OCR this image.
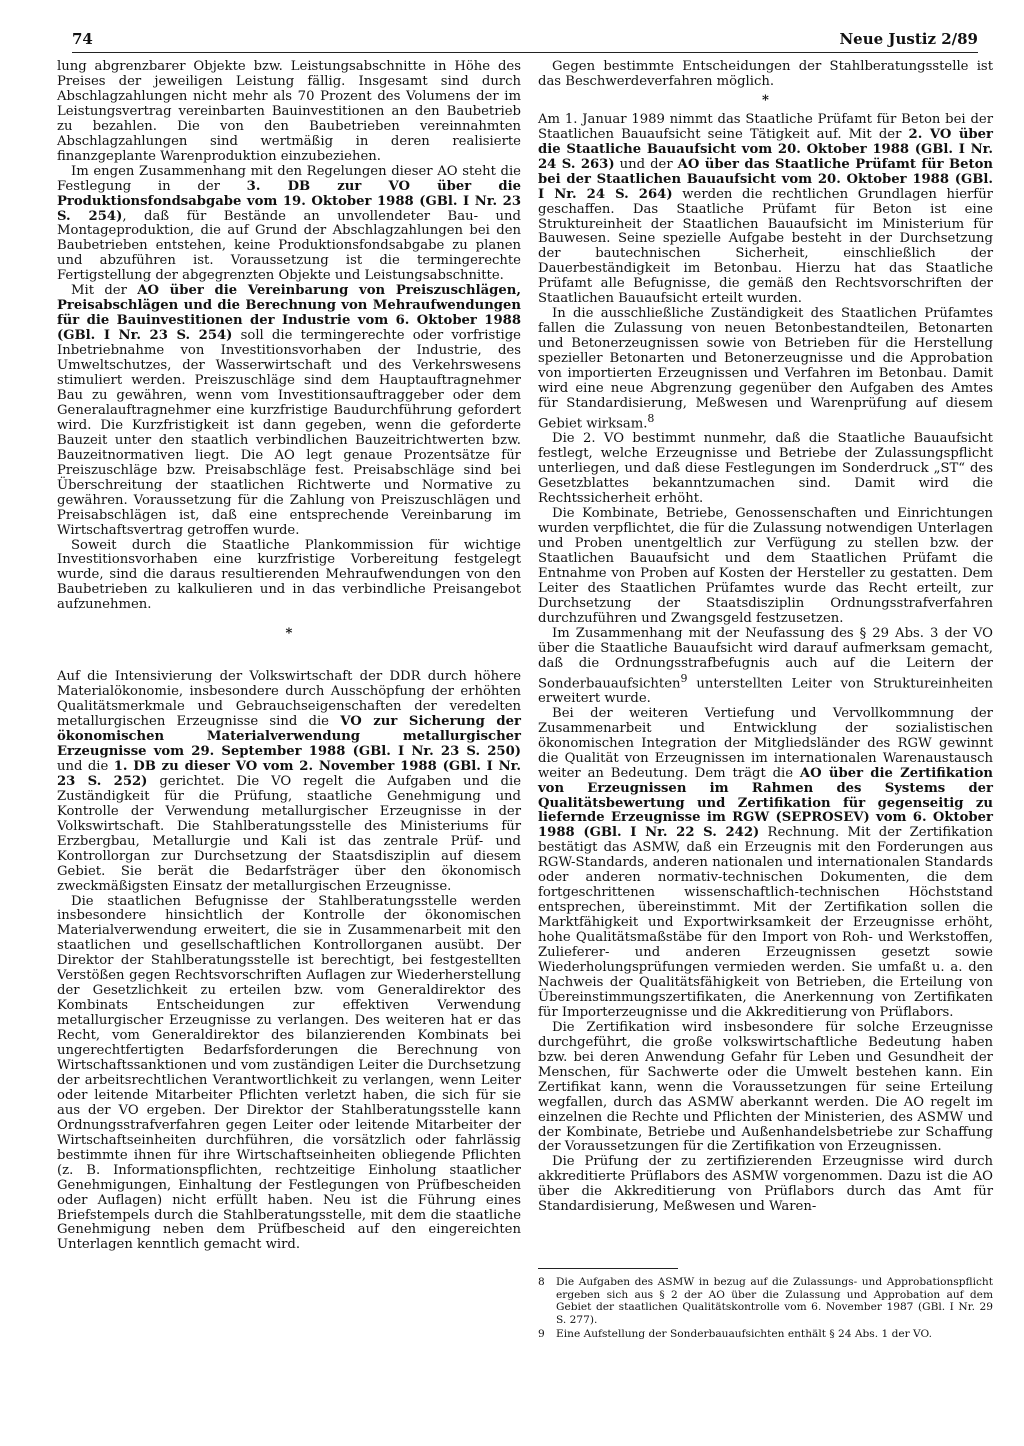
74	Neue Justiz 2/89

lung abgrenzbarer Objekte bzw. Leistungsabschnitte in Höhe des Preises der jeweiligen Leistung fällig. Insgesamt sind durch Abschlagzahlungen nicht mehr als 70 Prozent des Volumens der im Leistungsvertrag vereinbarten Bauinvestitionen an den Baubetrieb zu bezahlen. Die von den Baubetrieben vereinnahmten Abschlagzahlungen sind wertmäßig in deren realisierte finanzgeplante Warenproduktion einzubeziehen.

Im engen Zusammenhang mit den Regelungen dieser AO steht die Festlegung in der 3. DB zur VO über die Produktionsfondsabgabe vom 19. Oktober 1988 (GBl. I Nr. 23 S. 254), daß für Bestände an unvollendeter Bau- und Montageproduktion, die auf Grund der Abschlagzahlungen bei den Baubetrieben entstehen, keine Produktionsfondsabgabe zu planen und abzuführen ist. Voraussetzung ist die termingerechte Fertigstellung der abgegrenzten Objekte und Leistungsabschnitte.

Mit der AO über die Vereinbarung von Preiszuschlägen, Preisabschlägen und die Berechnung von Mehraufwendungen für die Bauinvestitionen der Industrie vom 6. Oktober 1988 (GBl. I Nr. 23 S. 254) soll die termingerechte oder vorfristige Inbetriebnahme von Investitionsvorhaben der Industrie, des Umweltschutzes, der Wasserwirtschaft und des Verkehrswesens stimuliert werden. Preiszuschläge sind dem Hauptauftragnehmer Bau zu gewähren, wenn vom Investitionsauftraggeber oder dem Generalauftragnehmer eine kurzfristige Baudurchführung gefordert wird. Die Kurzfristigkeit ist dann gegeben, wenn die geforderte Bauzeit unter den staatlich verbindlichen Bauzeitrichtwerten bzw. Bauzeitnormativen liegt. Die AO legt genaue Prozentsätze für Preiszuschläge bzw. Preisabschläge fest. Preisabschläge sind bei Überschreitung der staatlichen Richtwerte und Normative zu gewähren. Voraussetzung für die Zahlung von Preiszuschlägen und Preisabschlägen ist, daß eine entsprechende Vereinbarung im Wirtschaftsvertrag getroffen wurde.

Soweit durch die Staatliche Plankommission für wichtige Investitionsvorhaben eine kurzfristige Vorbereitung festgelegt wurde, sind die daraus resultierenden Mehraufwendungen von den Baubetrieben zu kalkulieren und in das verbindliche Preisangebot aufzunehmen.

*

Auf die Intensivierung der Volkswirtschaft der DDR durch höhere Materialökonomie, insbesondere durch Ausschöpfung der erhöhten Qualitätsmerkmale und Gebrauchseigenschaften der veredelten metallurgischen Erzeugnisse sind die VO zur Sicherung der ökonomischen Materialverwendung metallurgischer Erzeugnisse vom 29. September 1988 (GBl. I Nr. 23 S. 250) und die 1. DB zu dieser VO vom 2. November 1988 (GBl. I Nr. 23 S. 252) gerichtet. Die VO regelt die Aufgaben und die Zuständigkeit für die Prüfung, staatliche Genehmigung und Kontrolle der Verwendung metallurgischer Erzeugnisse in der Volkswirtschaft. Die Stahlberatungsstelle des Ministeriums für Erzbergbau, Metallurgie und Kali ist das zentrale Prüf- und Kontrollorgan zur Durchsetzung der Staatsdisziplin auf diesem Gebiet. Sie berät die Bedarfsträger über den ökonomisch zweckmäßigsten Einsatz der metallurgischen Erzeugnisse.

Die staatlichen Befugnisse der Stahlberatungsstelle werden insbesondere hinsichtlich der Kontrolle der ökonomischen Materialverwendung erweitert, die sie in Zusammenarbeit mit den staatlichen und gesellschaftlichen Kontrollorganen ausübt. Der Direktor der Stahlberatungsstelle ist berechtigt, bei festgestellten Verstößen gegen Rechtsvorschriften Auflagen zur Wiederherstellung der Gesetzlichkeit zu erteilen bzw. vom Generaldirektor des Kombinats Entscheidungen zur effektiven Verwendung metallurgischer Erzeugnisse zu verlangen. Des weiteren hat er das Recht, vom Generaldirektor des bilanzierenden Kombinats bei ungerechtfertigten Bedarfsforderungen die Berechnung von Wirtschaftssanktionen und vom zuständigen Leiter die Durchsetzung der arbeitsrechtlichen Verantwortlichkeit zu verlangen, wenn Leiter oder leitende Mitarbeiter Pflichten verletzt haben, die sich für sie aus der VO ergeben. Der Direktor der Stahlberatungsstelle kann Ordnungsstrafverfahren gegen Leiter oder leitende Mitarbeiter der Wirtschaftseinheiten durchführen, die vorsätzlich oder fahrlässig bestimmte ihnen für ihre Wirtschaftseinheiten obliegende Pflichten (z. B. Informationspflichten, rechtzeitige Einholung staatlicher Genehmigungen, Einhaltung der Festlegungen von Prüfbescheiden oder Auflagen) nicht erfüllt haben. Neu ist die Führung eines Briefstempels durch die Stahlberatungsstelle, mit dem die staatliche Genehmigung neben dem Prüfbescheid auf den eingereichten Unterlagen kenntlich gemacht wird.

Gegen bestimmte Entscheidungen der Stahlberatungsstelle ist das Beschwerdeverfahren möglich.

*

Am 1. Januar 1989 nimmt das Staatliche Prüfamt für Beton bei der Staatlichen Bauaufsicht seine Tätigkeit auf. Mit der 2. VO über die Staatliche Bauaufsicht vom 20. Oktober 1988 (GBl. I Nr. 24 S. 263) und der AO über das Staatliche Prüfamt für Beton bei der Staatlichen Bauaufsicht vom 20. Oktober 1988 (GBl. I Nr. 24 S. 264) werden die rechtlichen Grundlagen hierfür geschaffen. Das Staatliche Prüfamt für Beton ist eine Struktureinheit der Staatlichen Bauaufsicht im Ministerium für Bauwesen. Seine spezielle Aufgabe besteht in der Durchsetzung der bautechnischen Sicherheit, einschließlich der Dauerbeständigkeit im Betonbau. Hierzu hat das Staatliche Prüfamt alle Befugnisse, die gemäß den Rechtsvorschriften der Staatlichen Bauaufsicht erteilt wurden.

In die ausschließliche Zuständigkeit des Staatlichen Prüfamtes fallen die Zulassung von neuen Betonbestandteilen, Betonarten und Betonerzeugnissen sowie von Betrieben für die Herstellung spezieller Betonarten und Betonerzeugnisse und die Approbation von importierten Erzeugnissen und Verfahren im Betonbau. Damit wird eine neue Abgrenzung gegenüber den Aufgaben des Amtes für Standardisierung, Meßwesen und Warenprüfung auf diesem Gebiet wirksam.$^8$

Die 2. VO bestimmt nunmehr, daß die Staatliche Bauaufsicht festlegt, welche Erzeugnisse und Betriebe der Zulassungspflicht unterliegen, und daß diese Festlegungen im Sonderdruck „ST“ des Gesetzblattes bekanntzumachen sind. Damit wird die Rechtssicherheit erhöht.

Die Kombinate, Betriebe, Genossenschaften und Einrichtungen wurden verpflichtet, die für die Zulassung notwendigen Unterlagen und Proben unentgeltlich zur Verfügung zu stellen bzw. der Staatlichen Bauaufsicht und dem Staatlichen Prüfamt die Entnahme von Proben auf Kosten der Hersteller zu gestatten. Dem Leiter des Staatlichen Prüfamtes wurde das Recht erteilt, zur Durchsetzung der Staatsdisziplin Ordnungsstrafverfahren durchzuführen und Zwangsgeld festzusetzen.

Im Zusammenhang mit der Neufassung des § 29 Abs. 3 der VO über die Staatliche Bauaufsicht wird darauf aufmerksam gemacht, daß die Ordnungsstrafbefugnis auch auf die Leitern der Sonderbauaufsichten$^9$ unterstellten Leiter von Struktureinheiten erweitert wurde.

Bei der weiteren Vertiefung und Vervollkommnung der Zusammenarbeit und Entwicklung der sozialistischen ökonomischen Integration der Mitgliedsländer des RGW gewinnt die Qualität von Erzeugnissen im internationalen Warenaustausch weiter an Bedeutung. Dem trägt die AO über die Zertifikation von Erzeugnissen im Rahmen des Systems der Qualitätsbewertung und Zertifikation für gegenseitig zu liefernde Erzeugnisse im RGW (SEPROSEV) vom 6. Oktober 1988 (GBl. I Nr. 22 S. 242) Rechnung. Mit der Zertifikation bestätigt das ASMW, daß ein Erzeugnis mit den Forderungen aus RGW-Standards, anderen nationalen und internationalen Standards oder anderen normativ-technischen Dokumenten, die dem fortgeschrittenen wissenschaftlich-technischen Höchststand entsprechen, übereinstimmt. Mit der Zertifikation sollen die Marktfähigkeit und Exportwirksamkeit der Erzeugnisse erhöht, hohe Qualitätsmaßstäbe für den Import von Roh- und Werkstoffen, Zulieferer- und anderen Erzeugnissen gesetzt sowie Wiederholungsprüfungen vermieden werden. Sie umfaßt u. a. den Nachweis der Qualitätsfähigkeit von Betrieben, die Erteilung von Übereinstimmungszertifikaten, die Anerkennung von Zertifikaten für Importerzeugnisse und die Akkreditierung von Prüflabors.

Die Zertifikation wird insbesondere für solche Erzeugnisse durchgeführt, die große volkswirtschaftliche Bedeutung haben bzw. bei deren Anwendung Gefahr für Leben und Gesundheit der Menschen, für Sachwerte oder die Umwelt bestehen kann. Ein Zertifikat kann, wenn die Voraussetzungen für seine Erteilung wegfallen, durch das ASMW aberkannt werden. Die AO regelt im einzelnen die Rechte und Pflichten der Ministerien, des ASMW und der Kombinate, Betriebe und Außenhandelsbetriebe zur Schaffung der Voraussetzungen für die Zertifikation von Erzeugnissen.

Die Prüfung der zu zertifizierenden Erzeugnisse wird durch akkreditierte Prüflabors des ASMW vorgenommen. Dazu ist die AO über die Akkreditierung von Prüflabors durch das Amt für Standardisierung, Meßwesen und Waren-

8 Die Aufgaben des ASMW in bezug auf die Zulassungs- und Approbationspflicht ergeben sich aus § 2 der AO über die Zulassung und Approbation auf dem Gebiet der staatlichen Qualitätskontrolle vom 6. November 1987 (GBl. I Nr. 29 S. 277).
9 Eine Aufstellung der Sonderbauaufsichten enthält § 24 Abs. 1 der VO.
